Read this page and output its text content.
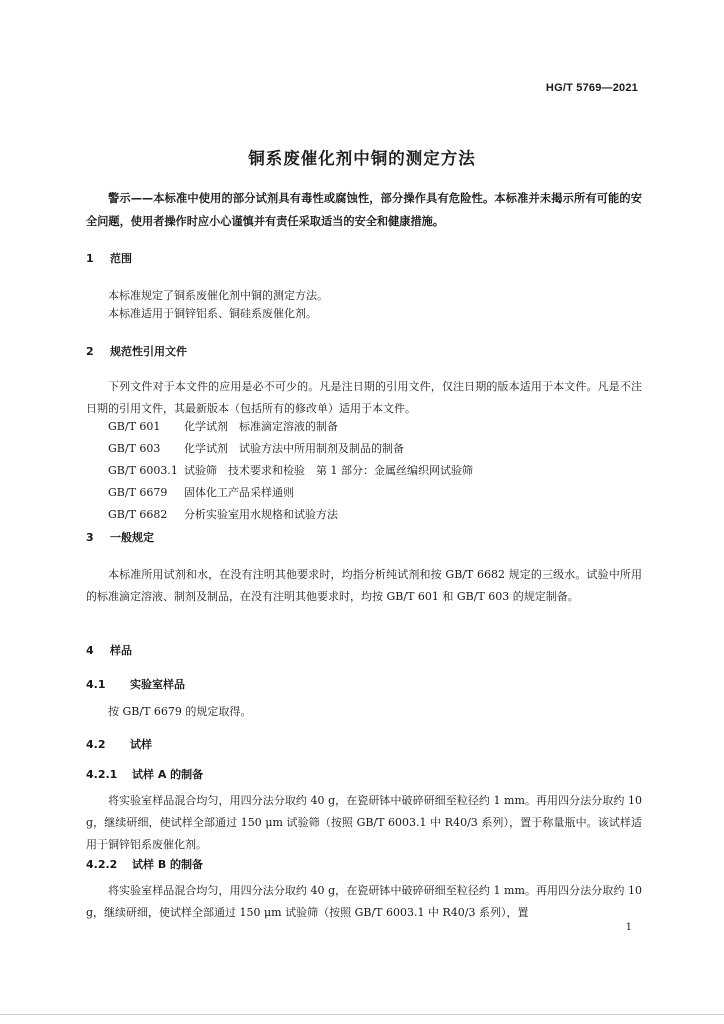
HG/T 5769—2021
铜系废催化剂中铜的测定方法
警示——本标准中使用的部分试剂具有毒性或腐蚀性，部分操作具有危险性。本标准并未揭示所有可能的安全问题，使用者操作时应小心谨慎并有责任采取适当的安全和健康措施。
1 范围
本标准规定了铜系废催化剂中铜的测定方法。
本标准适用于铜锌铝系、铜硅系废催化剂。
2 规范性引用文件
下列文件对于本文件的应用是必不可少的。凡是注日期的引用文件，仅注日期的版本适用于本文件。凡是不注日期的引用文件，其最新版本（包括所有的修改单）适用于本文件。
GB/T 601 化学试剂　标准滴定溶液的制备
GB/T 603 化学试剂　试验方法中所用制剂及制品的制备
GB/T 6003.1 试验筛　技术要求和检验　第 1 部分：金属丝编织网试验筛
GB/T 6679 固体化工产品采样通则
GB/T 6682 分析实验室用水规格和试验方法
3 一般规定
本标准所用试剂和水，在没有注明其他要求时，均指分析纯试剂和按 GB/T 6682 规定的三级水。试验中所用的标准滴定溶液、制剂及制品，在没有注明其他要求时，均按 GB/T 601 和 GB/T 603 的规定制备。
4 样品
4.1 实验室样品
按 GB/T 6679 的规定取得。
4.2 试样
4.2.1 试样 A 的制备
将实验室样品混合均匀，用四分法分取约 40 g，在瓷研钵中破碎研细至粒径约 1 mm。再用四分法分取约 10 g，继续研细，使试样全部通过 150 μm 试验筛（按照 GB/T 6003.1 中 R40/3 系列），置于称量瓶中。该试样适用于铜锌铝系废催化剂。
4.2.2 试样 B 的制备
将实验室样品混合均匀，用四分法分取约 40 g，在瓷研钵中破碎研细至粒径约 1 mm。再用四分法分取约 10 g，继续研细，使试样全部通过 150 μm 试验筛（按照 GB/T 6003.1 中 R40/3 系列），置
1
